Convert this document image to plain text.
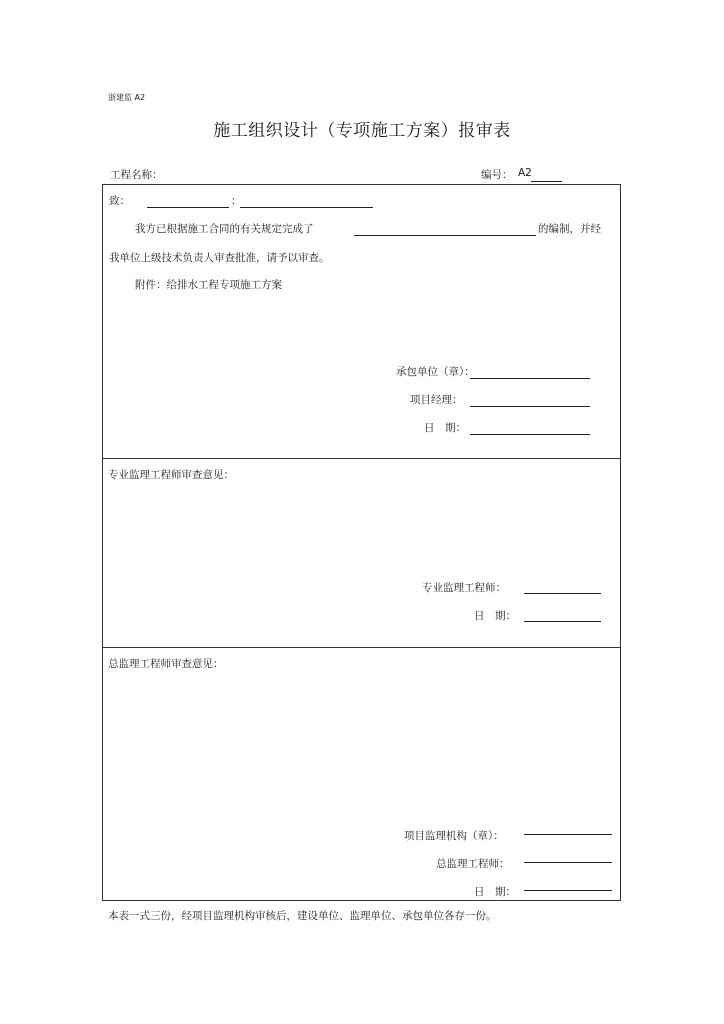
浙建监 A2
施工组织设计（专项施工方案）报审表
工程名称：	编号： A2
致：	：
我方已根据施工合同的有关规定完成了	的编制，并经
我单位上级技术负责人审查批准，请予以审查。
附件：给排水工程专项施工方案
承包单位（章）：
项目经理：
日　期：
专业监理工程师审查意见：
专业监理工程师：
日　期：
总监理工程师审查意见：
项目监理机构（章）：
总监理工程师：
日　期：
本表一式三份，经项目监理机构审核后，建设单位、监理单位、承包单位各存一份。
